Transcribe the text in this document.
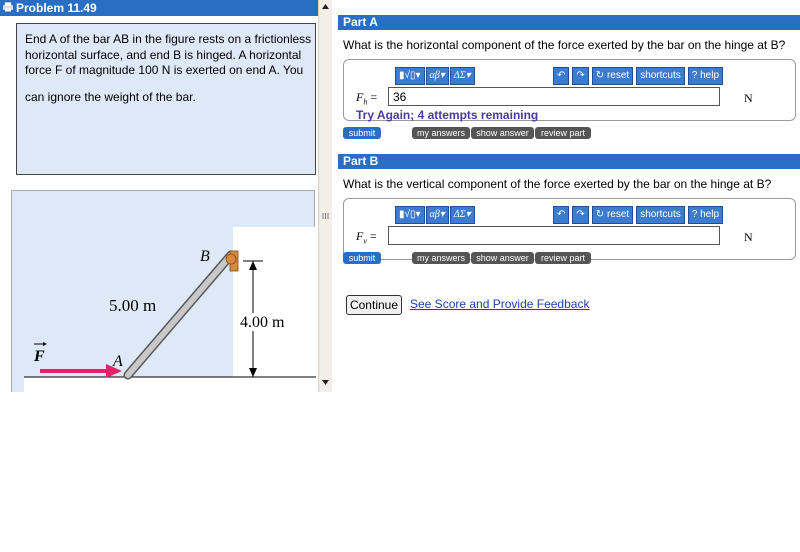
Problem 11.49
End A of the bar AB in the figure rests on a frictionless horizontal surface, and end B is hinged. A horizontal force F of magnitude 100 N is exerted on end A. You
can ignore the weight of the bar.
4.00 m
B
A
5.00 m
F
Part A
What is the horizontal component of the force exerted by the bar on the hinge at B?
▮√▯▾ αβ▾ ΔΣ▾	↶	↷	↻ reset	shortcuts	? help
$F_h$ =	36	N
Try Again; 4 attempts remaining
submit	my answers	show answer	review part
Part B
What is the vertical component of the force exerted by the bar on the hinge at B?
▮√▯▾ αβ▾ ΔΣ▾	↶	↷	↻ reset	shortcuts	? help
$F_v$ =	N
submit	my answers	show answer	review part
Continue See Score and Provide Feedback
